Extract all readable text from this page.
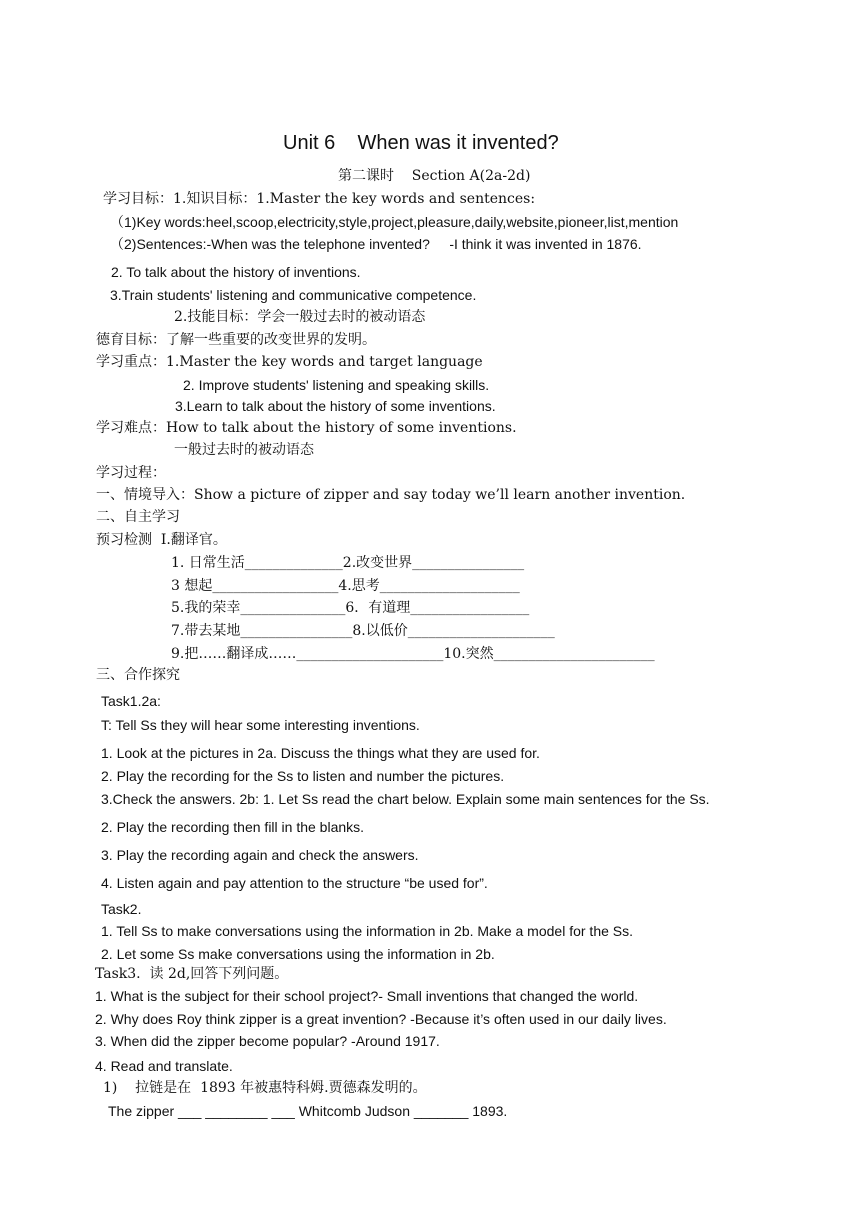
Unit 6    When was it invented?
第二课时    Section A(2a-2d)
学习目标：1.知识目标：1.Master the key words and sentences:
（1)Key words:heel,scoop,electricity,style,project,pleasure,daily,website,pioneer,list,mention
（2)Sentences:-When was the telephone invented?     -I think it was invented in 1876.
2. To talk about the history of inventions.
3.Train students' listening and communicative competence.
2.技能目标：学会一般过去时的被动语态
德育目标：了解一些重要的改变世界的发明。
学习重点：1.Master the key words and target language
2. Improve students' listening and speaking skills.
3.Learn to talk about the history of some inventions.
学习难点：How to talk about the history of some inventions.
一般过去时的被动语态
学习过程：
一、情境导入：Show a picture of zipper and say today we’ll learn another invention.
二、自主学习
预习检测  Ⅰ.翻译官。
1. 日常生活______________2.改变世界________________
3 想起__________________4.思考____________________
5.我的荣幸_______________6．有道理_________________
7.带去某地________________8.以低价_____________________
9.把……翻译成……_____________________10.突然_______________________
三、合作探究
Task1.2a:
T: Tell Ss they will hear some interesting inventions.
1. Look at the pictures in 2a. Discuss the things what they are used for.
2. Play the recording for the Ss to listen and number the pictures.
3.Check the answers. 2b: 1. Let Ss read the chart below. Explain some main sentences for the Ss.
2. Play the recording then fill in the blanks.
3. Play the recording again and check the answers.
4. Listen again and pay attention to the structure “be used for”.
Task2.
1. Tell Ss to make conversations using the information in 2b. Make a model for the Ss.
2. Let some Ss make conversations using the information in 2b.
Task3.  读 2d,回答下列问题。
1. What is the subject for their school project?- Small inventions that changed the world.
2. Why does Roy think zipper is a great invention? -Because it’s often used in our daily lives.
3. When did the zipper become popular? -Around 1917.
4. Read and translate.
1)    拉链是在  1893 年被惠特科姆.贾德森发明的。
The zipper ___ ________ ___ Whitcomb Judson _______ 1893.
